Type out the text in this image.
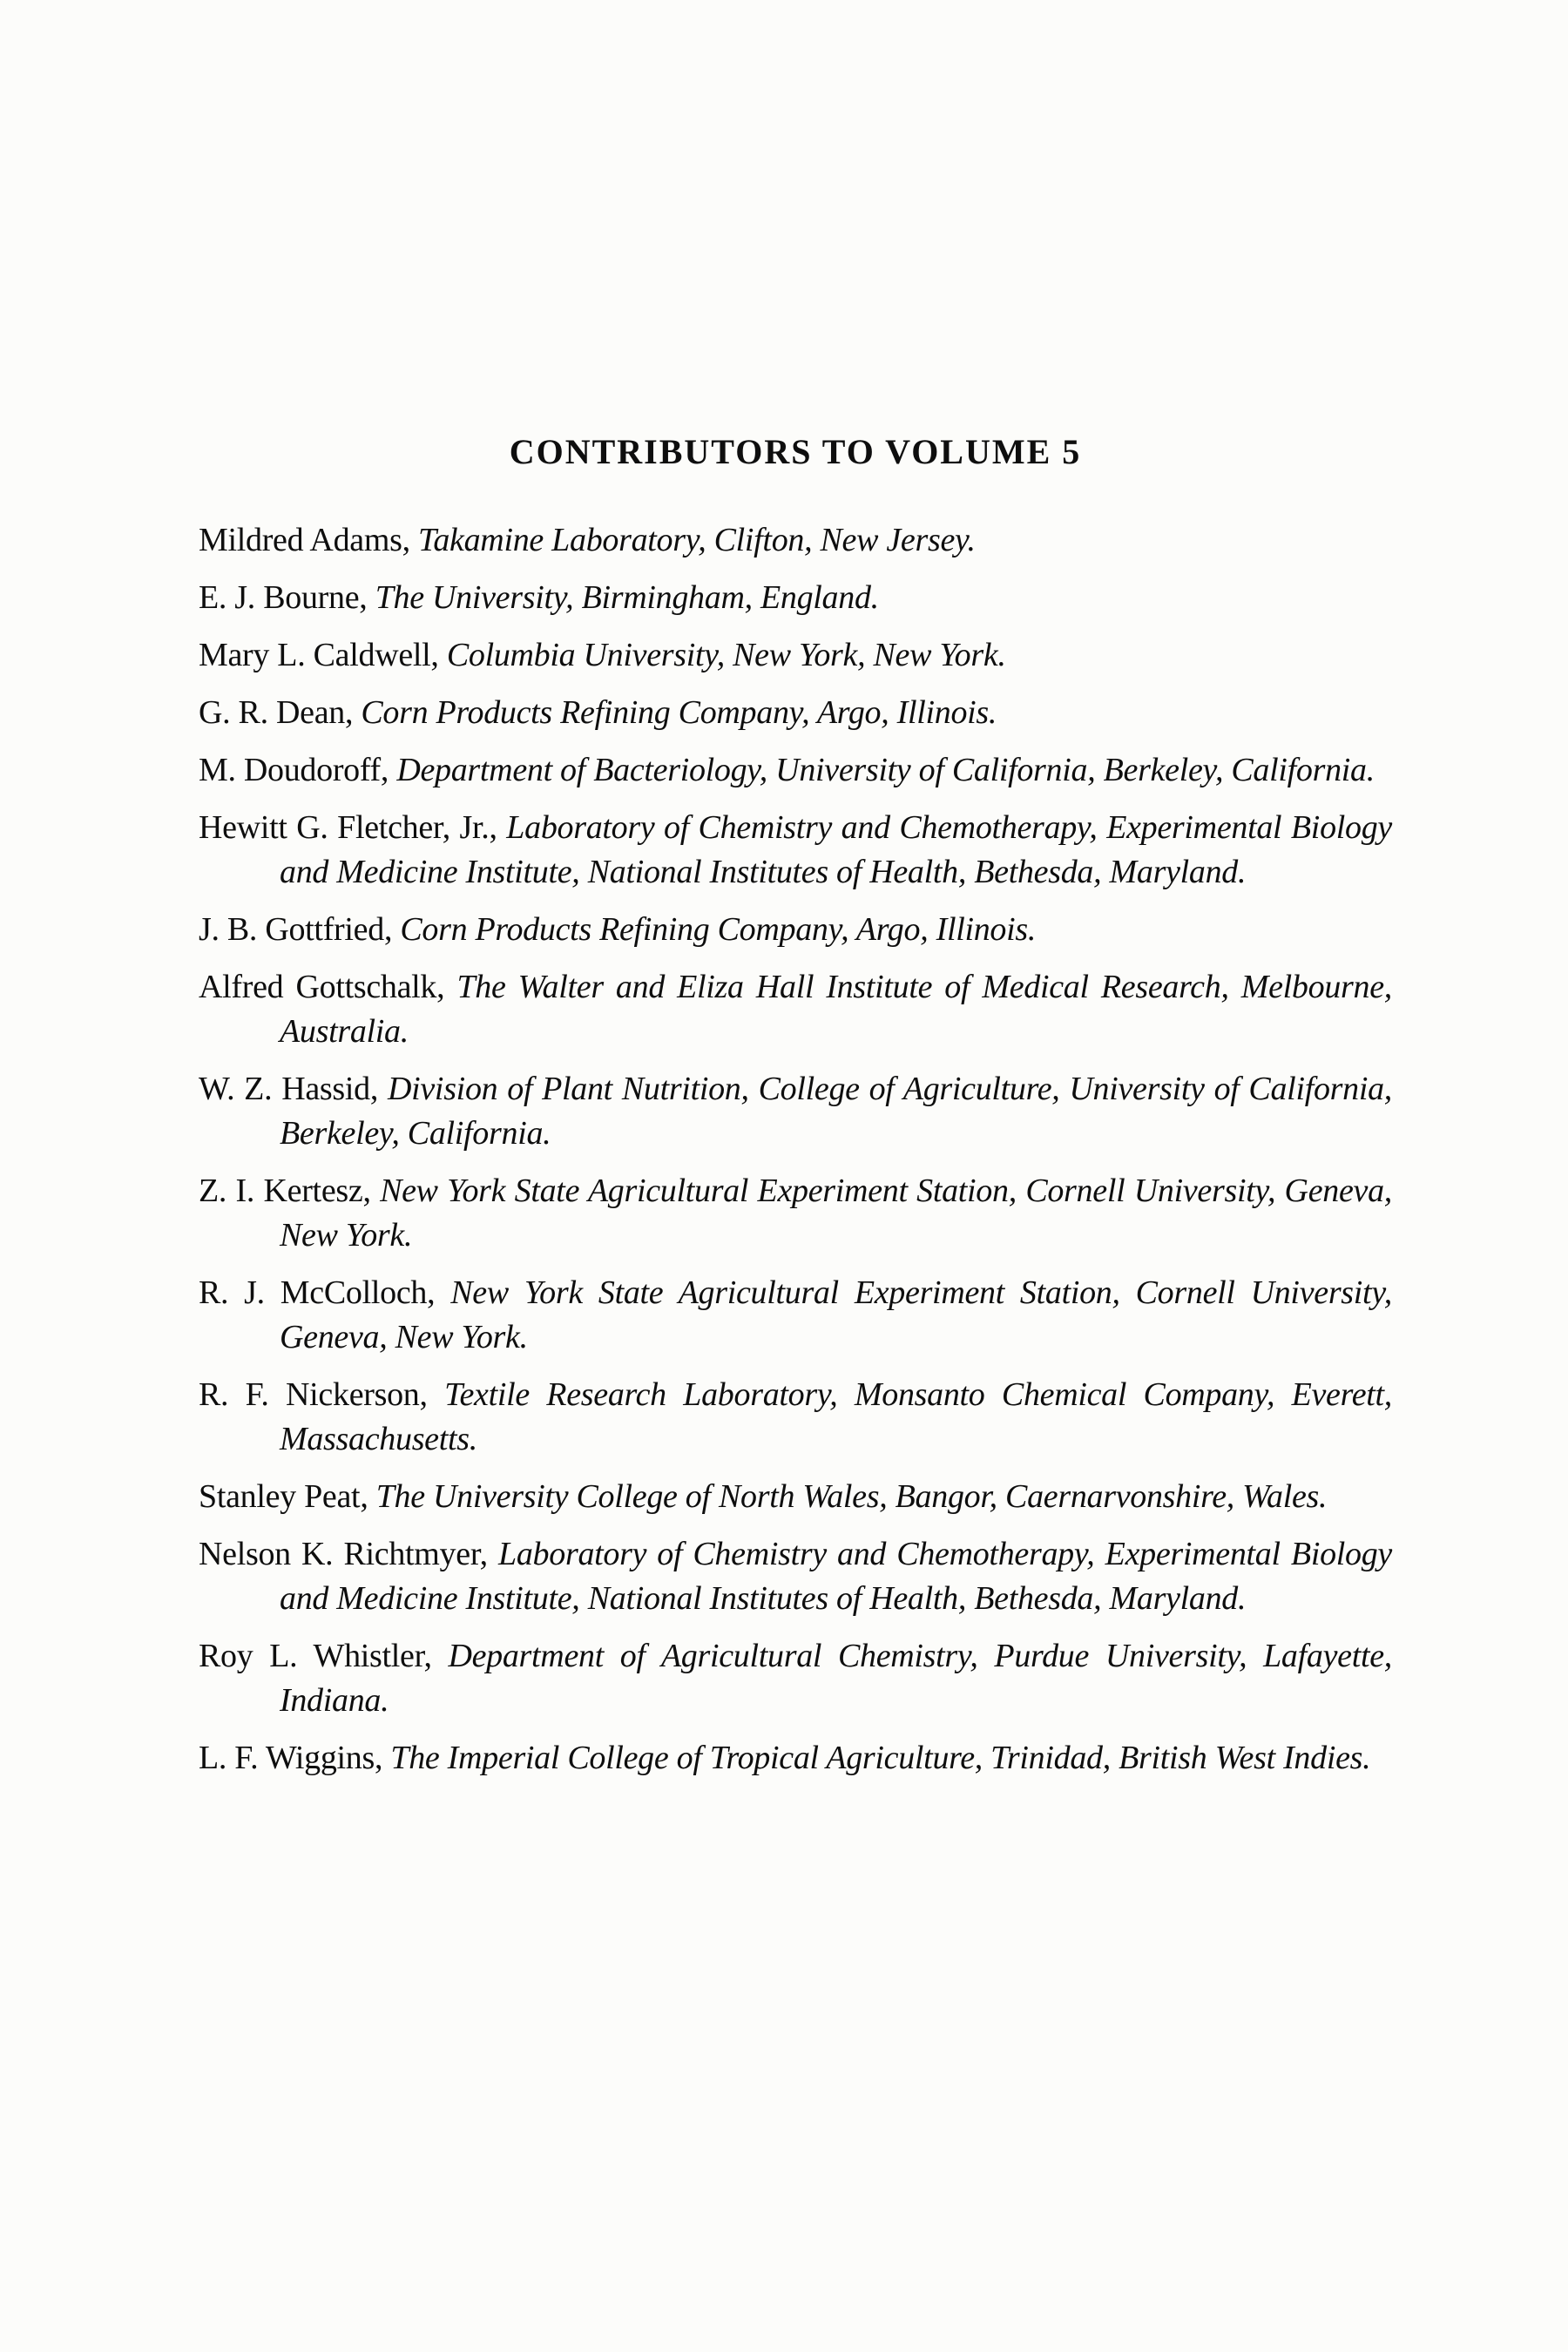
CONTRIBUTORS TO VOLUME 5

Mildred Adams, Takamine Laboratory, Clifton, New Jersey.

E. J. Bourne, The University, Birmingham, England.

Mary L. Caldwell, Columbia University, New York, New York.

G. R. Dean, Corn Products Refining Company, Argo, Illinois.

M. Doudoroff, Department of Bacteriology, University of California, Berkeley, California.

Hewitt G. Fletcher, Jr., Laboratory of Chemistry and Chemotherapy, Experimental Biology and Medicine Institute, National Institutes of Health, Bethesda, Maryland.

J. B. Gottfried, Corn Products Refining Company, Argo, Illinois.

Alfred Gottschalk, The Walter and Eliza Hall Institute of Medical Research, Melbourne, Australia.

W. Z. Hassid, Division of Plant Nutrition, College of Agriculture, University of California, Berkeley, California.

Z. I. Kertesz, New York State Agricultural Experiment Station, Cornell University, Geneva, New York.

R. J. McColloch, New York State Agricultural Experiment Station, Cornell University, Geneva, New York.

R. F. Nickerson, Textile Research Laboratory, Monsanto Chemical Company, Everett, Massachusetts.

Stanley Peat, The University College of North Wales, Bangor, Caernarvonshire, Wales.

Nelson K. Richtmyer, Laboratory of Chemistry and Chemotherapy, Experimental Biology and Medicine Institute, National Institutes of Health, Bethesda, Maryland.

Roy L. Whistler, Department of Agricultural Chemistry, Purdue University, Lafayette, Indiana.

L. F. Wiggins, The Imperial College of Tropical Agriculture, Trinidad, British West Indies.
